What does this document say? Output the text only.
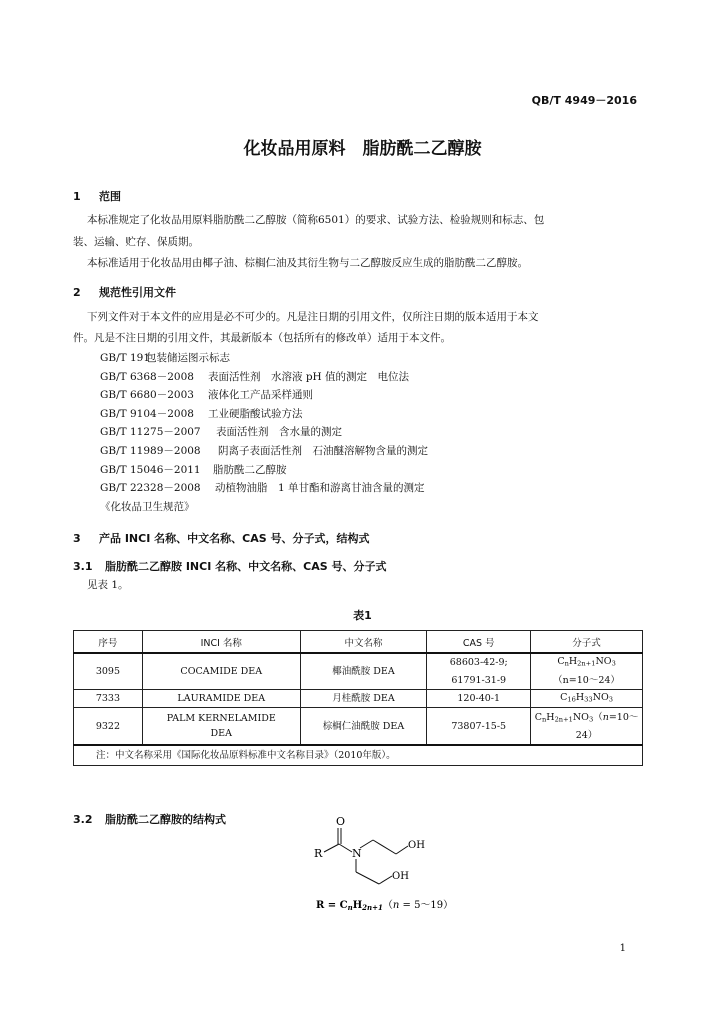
QB/T 4949－2016
化妆品用原料　脂肪酰二乙醇胺
1 范围
本标准规定了化妆品用原料脂肪酰二乙醇胺（简称6501）的要求、试验方法、检验规则和标志、包
装、运输、贮存、保质期。
本标准适用于化妆品用由椰子油、棕榈仁油及其衍生物与二乙醇胺反应生成的脂肪酰二乙醇胺。
2 规范性引用文件
下列文件对于本文件的应用是必不可少的。凡是注日期的引用文件，仅所注日期的版本适用于本文
件。凡是不注日期的引用文件，其最新版本（包括所有的修改单）适用于本文件。
GB/T 191包装储运图示标志
GB/T 6368－2008 表面活性剂　水溶液 pH 值的测定　电位法
GB/T 6680－2003 液体化工产品采样通则
GB/T 9104－2008 工业硬脂酸试验方法
GB/T 11275－2007 表面活性剂　含水量的测定
GB/T 11989－2008 阴离子表面活性剂　石油醚溶解物含量的测定
GB/T 15046－2011 脂肪酰二乙醇胺
GB/T 22328－2008 动植物油脂　1 单甘酯和游离甘油含量的测定
《化妆品卫生规范》
3 产品 INCI 名称、中文名称、CAS 号、分子式，结构式
3.1 脂肪酰二乙醇胺 INCI 名称、中文名称、CAS 号、分子式
见表 1。
表1
序号	INCI 名称	中文名称	CAS 号	分子式
3095	COCAMIDE DEA	椰油酰胺 DEA	68603-42-9;	$C_nH_{2n+1}NO_3$
			61791-31-9	（n=10～24）
7333	LAURAMIDE DEA	月桂酰胺 DEA	120-40-1	$C_{16}H_{33}NO_3$
9322	PALM KERNELAMIDE
DEA	棕榈仁油酰胺 DEA	73807-15-5	$C_nH_{2n+1}NO_3(n=10\sim 24)$
注：中文名称采用《国际化妆品原料标准中文名称目录》（2010年版）。				
3.2 脂肪酰二乙醇胺的结构式	O
N
R
OH
OH
$R = C_nH_{2n+1}(n$ = 5～19）
1
